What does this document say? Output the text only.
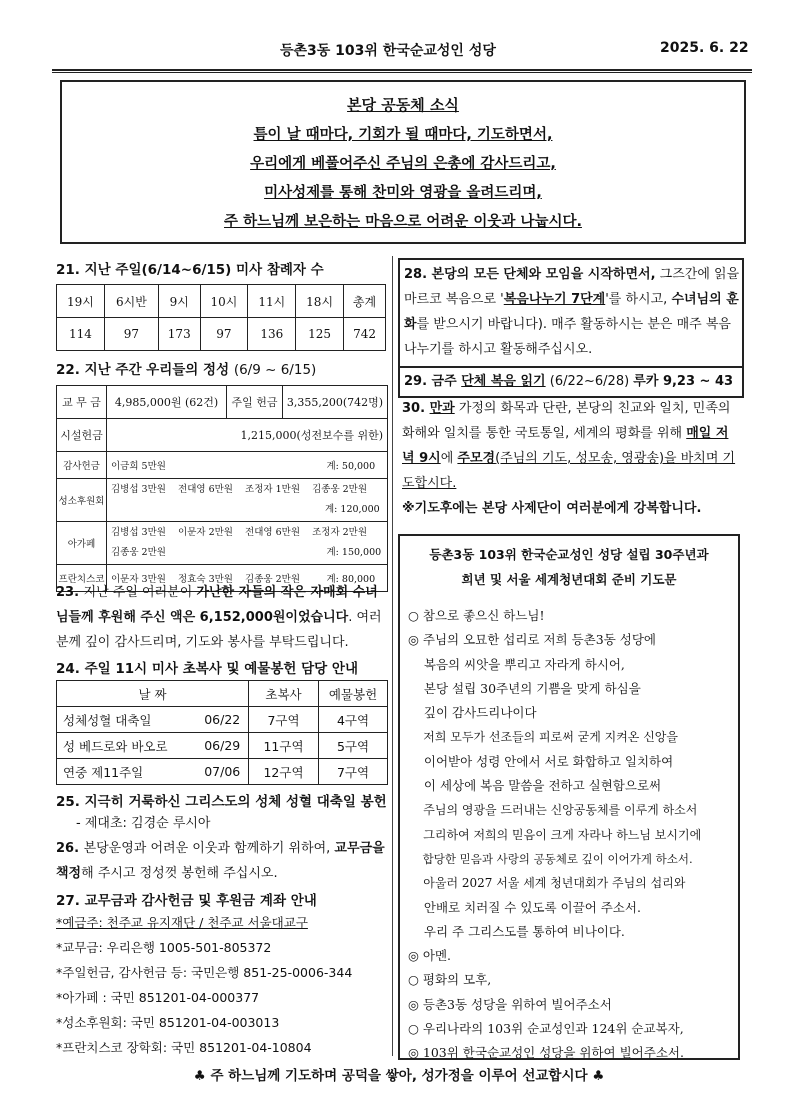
등촌3동 103위 한국순교성인 성당	2025. 6. 22
본당 공동체 소식
틈이 날 때마다, 기회가 될 때마다, 기도하면서,
우리에게 베풀어주신 주님의 은총에 감사드리고,
미사성제를 통해 찬미와 영광을 올려드리며,
주 하느님께 보은하는 마음으로 어려운 이웃과 나눕시다.
21. 지난 주일(6/14~6/15) 미사 참례자 수
19시	6시반	9시	10시	11시	18시	총계
114	97	173	97	136	125	742
22. 지난 주간 우리들의 정성 (6/9 ~ 6/15)
교 무 금	4,985,000원 (62건)	주일 헌금	3,355,200(742명)
시설헌금	1,215,000(성전보수를 위한)		
감사헌금	이금희 5만원 계: 50,000		

성소후원회	김병섭 3만원    전대영 6만원    조정자 1만원    김종웅 2만원
계: 120,000		

아가페	김병섭 3만원    이문자 2만원    전대영 6만원    조정자 2만원
김종웅 2만원 계: 150,000		

프란치스코	이문자 3만원    정효숙 3만원    김종웅 2만원 계: 80,000		
23. 지난 주일 여러분이 가난한 자들의 작은 자매회 수녀님들께 후원해 주신 액은 6,152,000원이었습니다. 여러분께 깊이 감사드리며, 기도와 봉사를 부탁드립니다.
24. 주일 11시 미사 초복사 및 예물봉헌 담당 안내
날 짜		초복사	예물봉헌
성체성혈 대축일	06/22	7구역	4구역
성 베드로와 바오로	06/29	11구역	5구역
연중 제11주일	07/06	12구역	7구역
25. 지극히 거룩하신 그리스도의 성체 성혈 대축일 봉헌
- 제대초: 김경순 루시아
26. 본당운영과 어려운 이웃과 함께하기 위하여, 교무금을 책정해 주시고 정성껏 봉헌해 주십시오.
27. 교무금과 감사헌금 및 후원금 계좌 안내
*예금주: 천주교 유지재단 / 천주교 서울대교구
*교무금: 우리은행 1005-501-805372
*주일헌금, 감사헌금 등: 국민은행 851-25-0006-344
*아가페 : 국민 851201-04-000377
*성소후원회: 국민 851201-04-003013
*프란치스코 장학회: 국민 851201-04-10804
28. 본당의 모든 단체와 모임을 시작하면서, 그즈간에 읽을 마르코 복음으로 '복음나누기 7단계'를 하시고, 수녀님의 훈화를 받으시기 바랍니다). 매주 활동하시는 분은 매주 복음나누기를 하시고 활동해주십시오.
29. 금주 단체 복음 읽기 (6/22~6/28) 루카 9,23 ~ 43
30. 만과 가정의 화목과 단란, 본당의 친교와 일치, 민족의 화해와 일치를 통한 국토통일, 세계의 평화를 위해 매일 저녁 9시에 주모경(주님의 기도, 성모송, 영광송)을 바치며 기도합시다.
※기도후에는 본당 사제단이 여러분에게 강복합니다.
등촌3동 103위 한국순교성인 성당 설립 30주년과
희년 및 서울 세계청년대회 준비 기도문
○ 참으로 좋으신 하느님!
◎ 주님의 오묘한 섭리로 저희 등촌3동 성당에
복음의 씨앗을 뿌리고 자라게 하시어,
본당 설립 30주년의 기쁨을 맞게 하심을
깊이 감사드리나이다
저희 모두가 선조들의 피로써 굳게 지켜온 신앙을
이어받아 성령 안에서 서로 화합하고 일치하여
이 세상에 복음 말씀을 전하고 실현함으로써
주님의 영광을 드러내는 신앙공동체를 이루게 하소서
그리하여 저희의 믿음이 크게 자라나 하느님 보시기에
합당한 믿음과 사랑의 공동체로 깊이 이어가게 하소서.
아울러 2027 서울 세계 청년대회가 주님의 섭리와
안배로 치러질 수 있도록 이끌어 주소서.
우리 주 그리스도를 통하여 비나이다.
◎ 아멘.
○ 평화의 모후,
◎ 등촌3동 성당을 위하여 빌어주소서
○ 우리나라의 103위 순교성인과 124위 순교복자,
◎ 103위 한국순교성인 성당을 위하여 빌어주소서.
♣ 주 하느님께 기도하며 공덕을 쌓아, 성가정을 이루어 선교합시다 ♣
